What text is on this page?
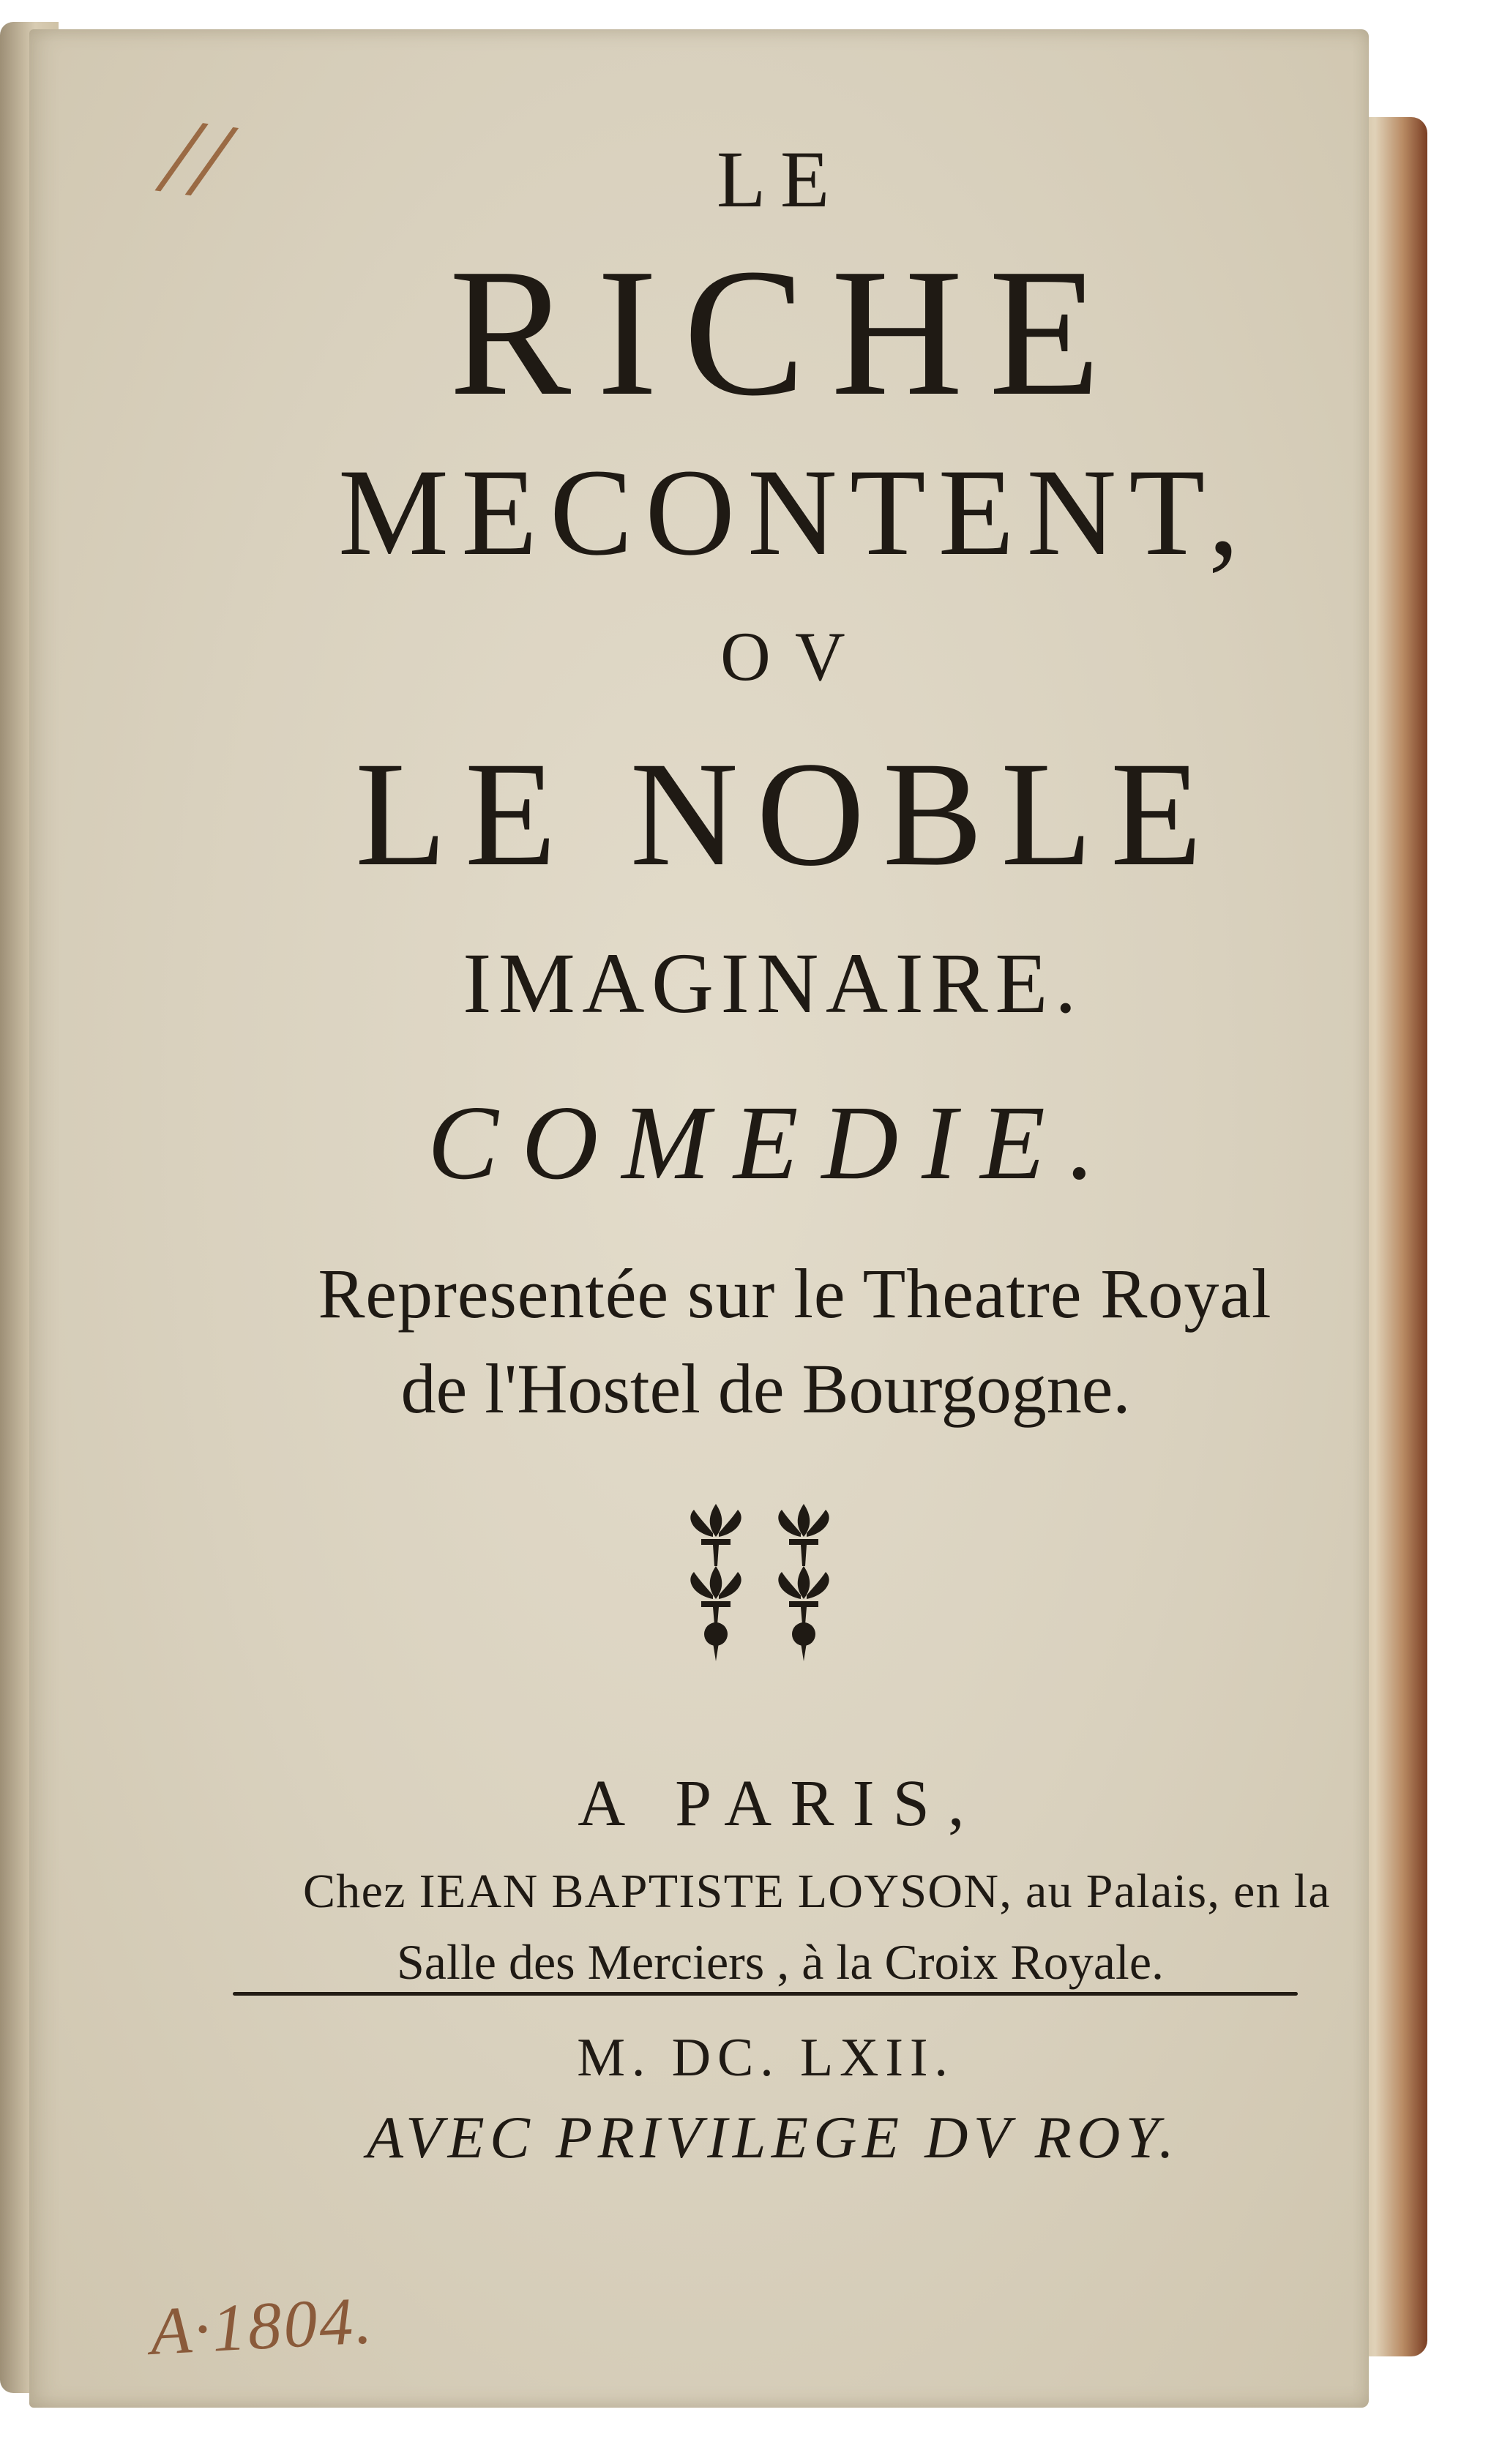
//	LE
RICHE
MECONTENT,
OV
LE NOBLE
IMAGINAIRE.
COMEDIE.
Representée sur le Theatre Royal
de l'Hostel de Bourgogne.
A PARIS,
Chez IEAN BAPTISTE LOYSON, au Palais, en la
Salle des Merciers , à la Croix Royale.
M. DC. LXII.
AVEC PRIVILEGE DV ROY.
A·1804.
